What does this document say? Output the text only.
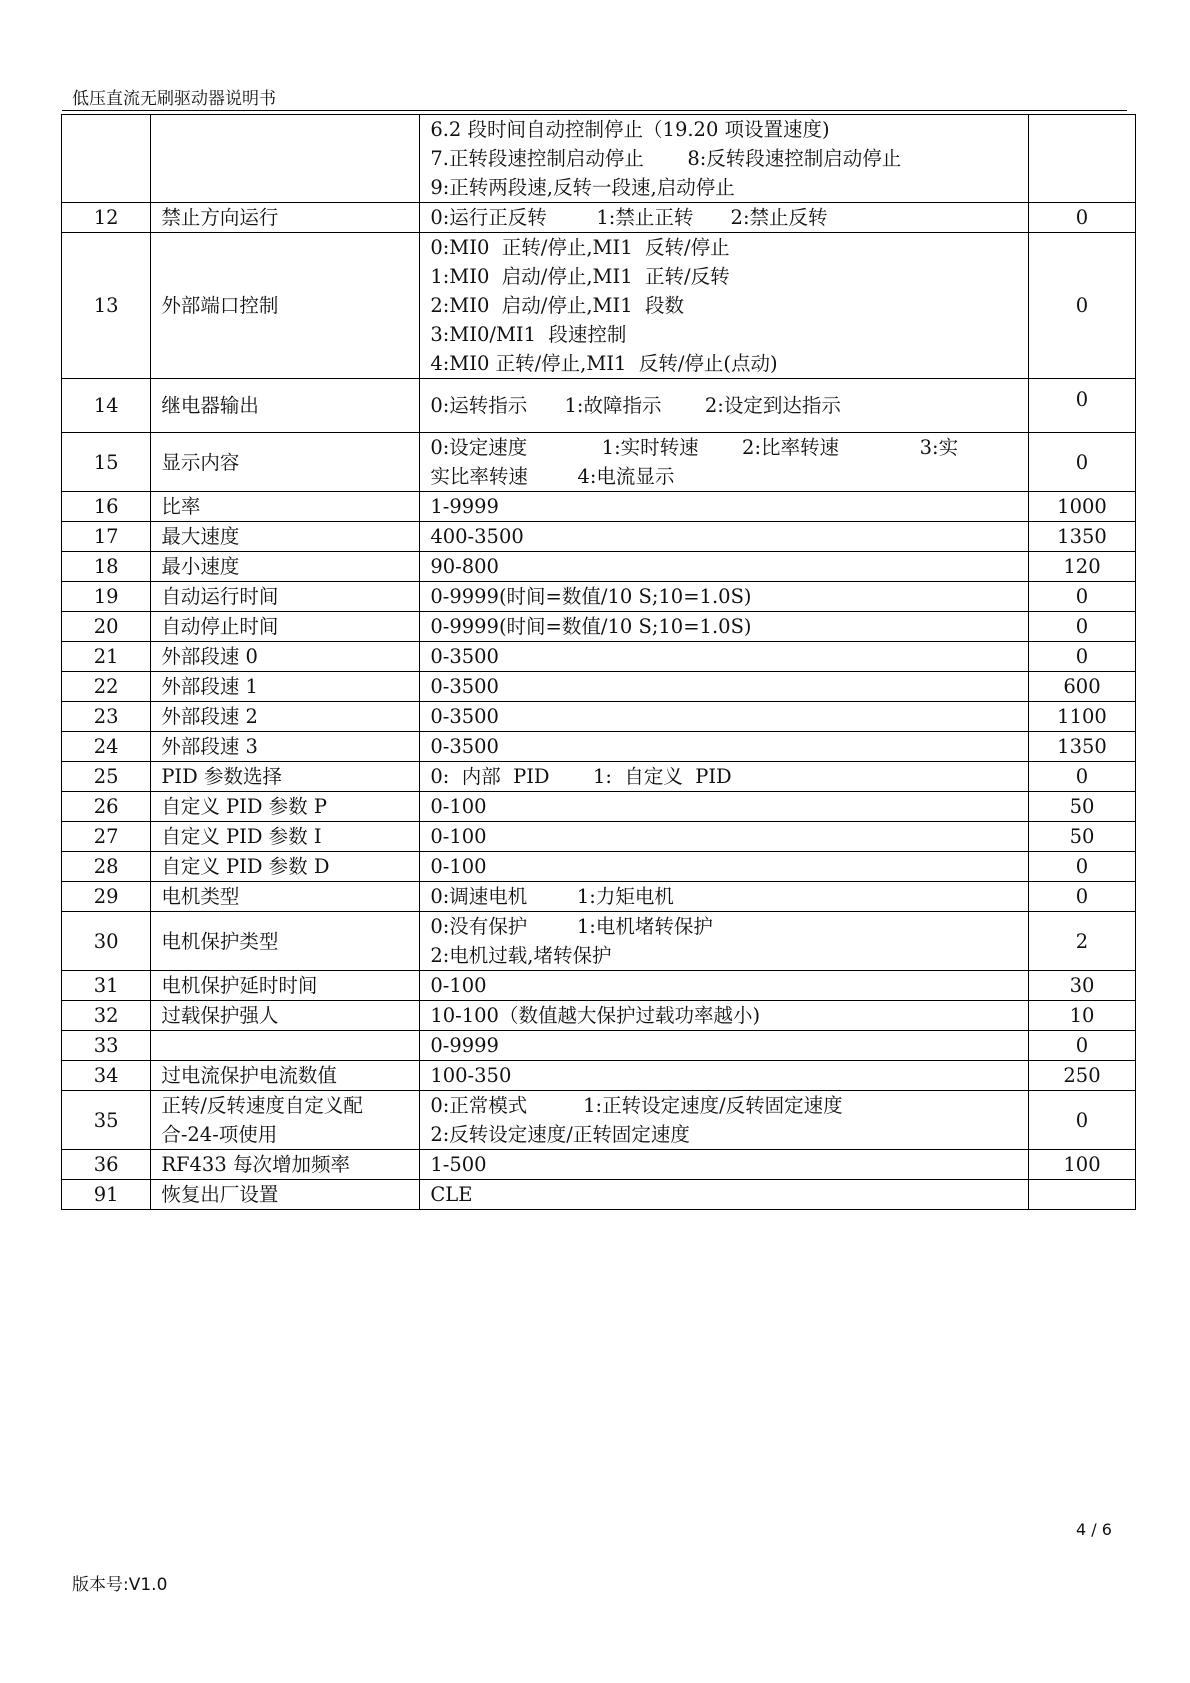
低压直流无刷驱动器说明书

		6.2 段时间自动控制停止（19.20 项设置速度)
7.正转段速控制启动停止       8:反转段速控制启动停止
9:正转两段速,反转一段速,启动停止	

12	禁止方向运行	0:运行正反转        1:禁止正转      2:禁止反转	0
13	外部端口控制	0:MI0  正转/停止,MI1  反转/停止
1:MI0  启动/停止,MI1  正转/反转
2:MI0  启动/停止,MI1  段数
3:MI0/MI1  段速控制
4:MI0 正转/停止,MI1  反转/停止(点动)	0
14	继电器输出	0:运转指示      1:故障指示       2:设定到达指示	0
15	显示内容	0:设定速度            1:实时转速       2:比率转速             3:实
实比率转速        4:电流显示	0
16	比率	1-9999	1000
17	最大速度	400-3500	1350
18	最小速度	90-800	120
19	自动运行时间	0-9999(时间=数值/10 S;10=1.0S)	0
20	自动停止时间	0-9999(时间=数值/10 S;10=1.0S)	0
21	外部段速 0	0-3500	0
22	外部段速 1	0-3500	600
23	外部段速 2	0-3500	1100
24	外部段速 3	0-3500	1350
25	PID 参数选择	0:  内部  PID       1:  自定义  PID	0
26	自定义 PID 参数 P	0-100	50
27	自定义 PID 参数 I	0-100	50
28	自定义 PID 参数 D	0-100	0
29	电机类型	0:调速电机        1:力矩电机	0
30	电机保护类型	0:没有保护        1:电机堵转保护
2:电机过载,堵转保护	2
31	电机保护延时时间	0-100	30
32	过载保护强人	10-100（数值越大保护过载功率越小)	10
33		0-9999	0
34	过电流保护电流数值	100-350	250
35	正转/反转速度自定义配
合-24-项使用	0:正常模式         1:正转设定速度/反转固定速度
2:反转设定速度/正转固定速度	0
36	RF433 每次增加频率	1-500	100
91	恢复出厂设置	CLE	

4 / 6
版本号:V1.0
